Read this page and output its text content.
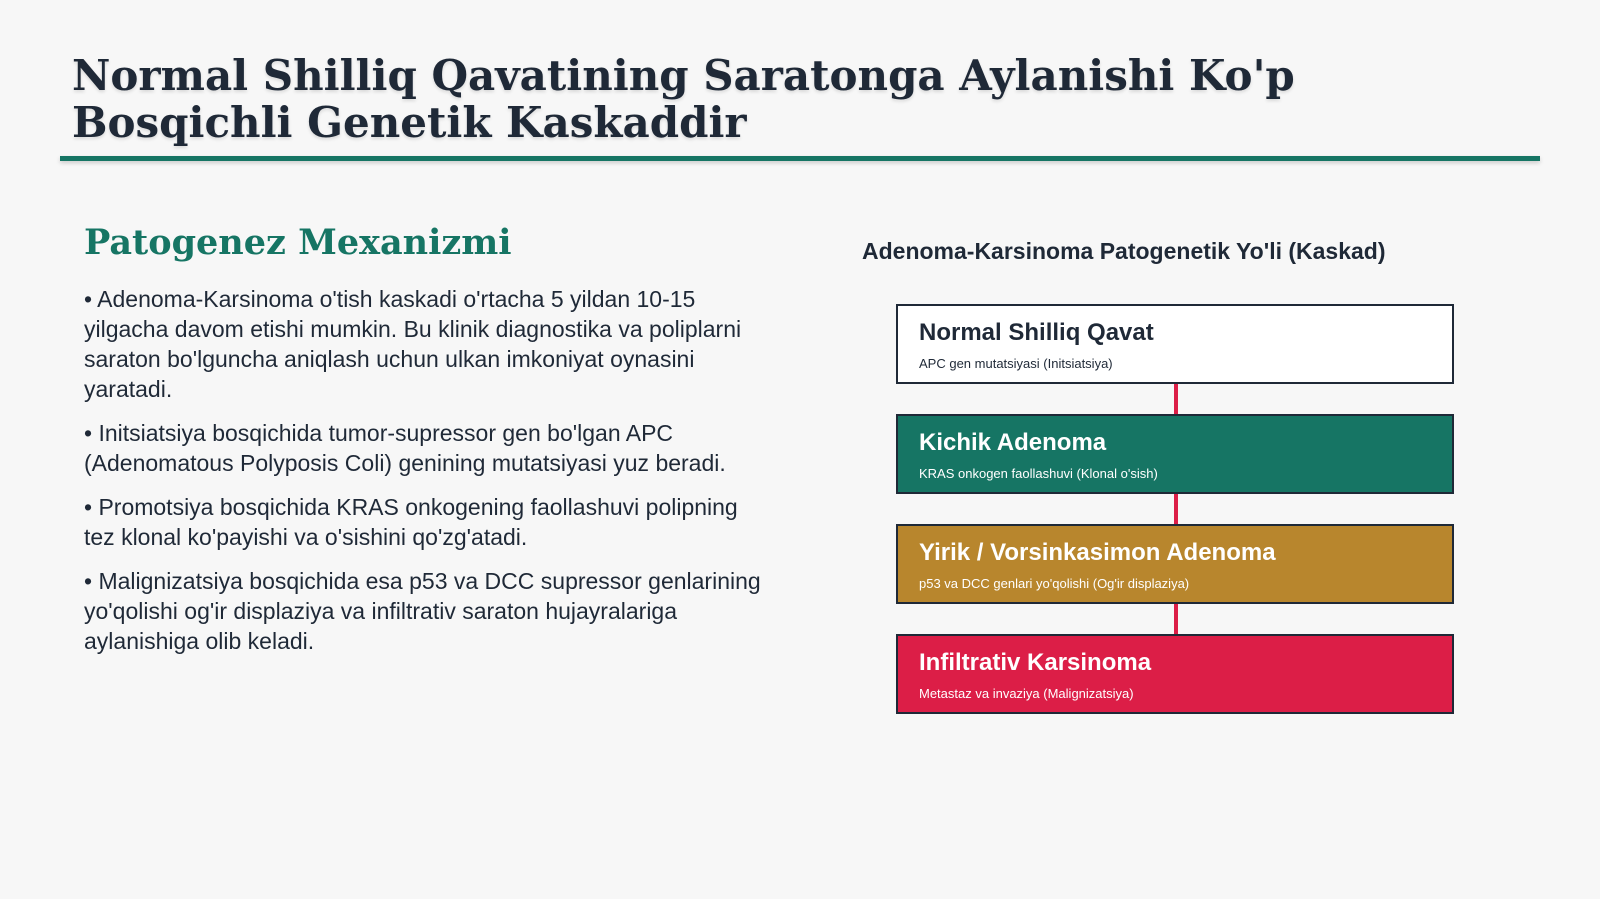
Normal Shilliq Qavatining Saratonga Aylanishi Ko'p Bosqichli Genetik Kaskaddir
Patogenez Mexanizmi

• Adenoma-Karsinoma o'tish kaskadi o'rtacha 5 yildan 10-15 yilgacha davom etishi mumkin. Bu klinik diagnostika va poliplarni saraton bo'lguncha aniqlash uchun ulkan imkoniyat oynasini yaratadi.

• Initsiatsiya bosqichida tumor-supressor gen bo'lgan APC (Adenomatous Polyposis Coli) genining mutatsiyasi yuz beradi.

• Promotsiya bosqichida KRAS onkogening faollashuvi polipning tez klonal ko'payishi va o'sishini qo'zg'atadi.

• Malignizatsiya bosqichida esa p53 va DCC supressor genlarining yo'qolishi og'ir displaziya va infiltrativ saraton hujayralariga aylanishiga olib keladi.

Adenoma-Karsinoma Patogenetik Yo'li (Kaskad)

Normal Shilliq Qavat

APC gen mutatsiyasi (Initsiatsiya)

Kichik Adenoma

KRAS onkogen faollashuvi (Klonal o'sish)

Yirik / Vorsinkasimon Adenoma

p53 va DCC genlari yo'qolishi (Og'ir displaziya)

Infiltrativ Karsinoma

Metastaz va invaziya (Malignizatsiya)
